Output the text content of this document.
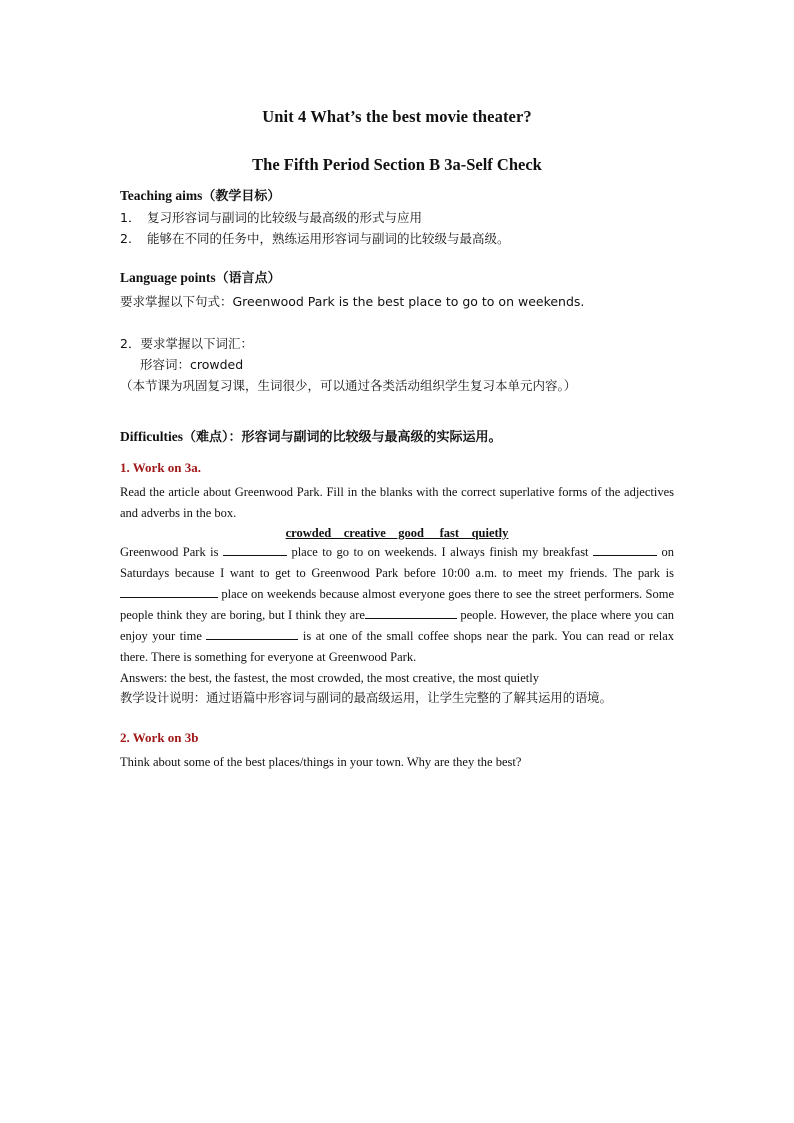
Unit 4 What’s the best movie theater?
The Fifth Period Section B 3a-Self Check
Teaching aims（教学目标）
1． 复习形容词与副词的比较级与最高级的形式与应用
2. 能够在不同的任务中，熟练运用形容词与副词的比较级与最高级。
Language points（语言点）
要求掌握以下句式：Greenwood Park is the best place to go to on weekends.
2．要求掌握以下词汇：
形容词：crowded
（本节课为巩固复习课，生词很少，可以通过各类活动组织学生复习本单元内容。）
Difficulties（难点）：形容词与副词的比较级与最高级的实际运用。
1. Work on 3a.
Read the article about Greenwood Park. Fill in the blanks with the correct superlative forms of the adjectives and adverbs in the box.
crowded    creative    good     fast    quietly
Greenwood Park is	place to go to on weekends. I always finish my breakfast	on Saturdays because I want to get to Greenwood Park before 10:00 a.m. to meet my friends. The park is  place on weekends because almost everyone goes there to see the street performers. Some people think they are boring, but I think they are	people. However, the place where you can enjoy your time	is at one of the small coffee shops near the park. You can read or relax there. There is something for everyone at Greenwood Park.
Answers: the best, the fastest, the most crowded, the most creative, the most quietly
教学设计说明：通过语篇中形容词与副词的最高级运用，让学生完整的了解其运用的语境。
2. Work on 3b
Think about some of the best places/things in your town. Why are they the best?
